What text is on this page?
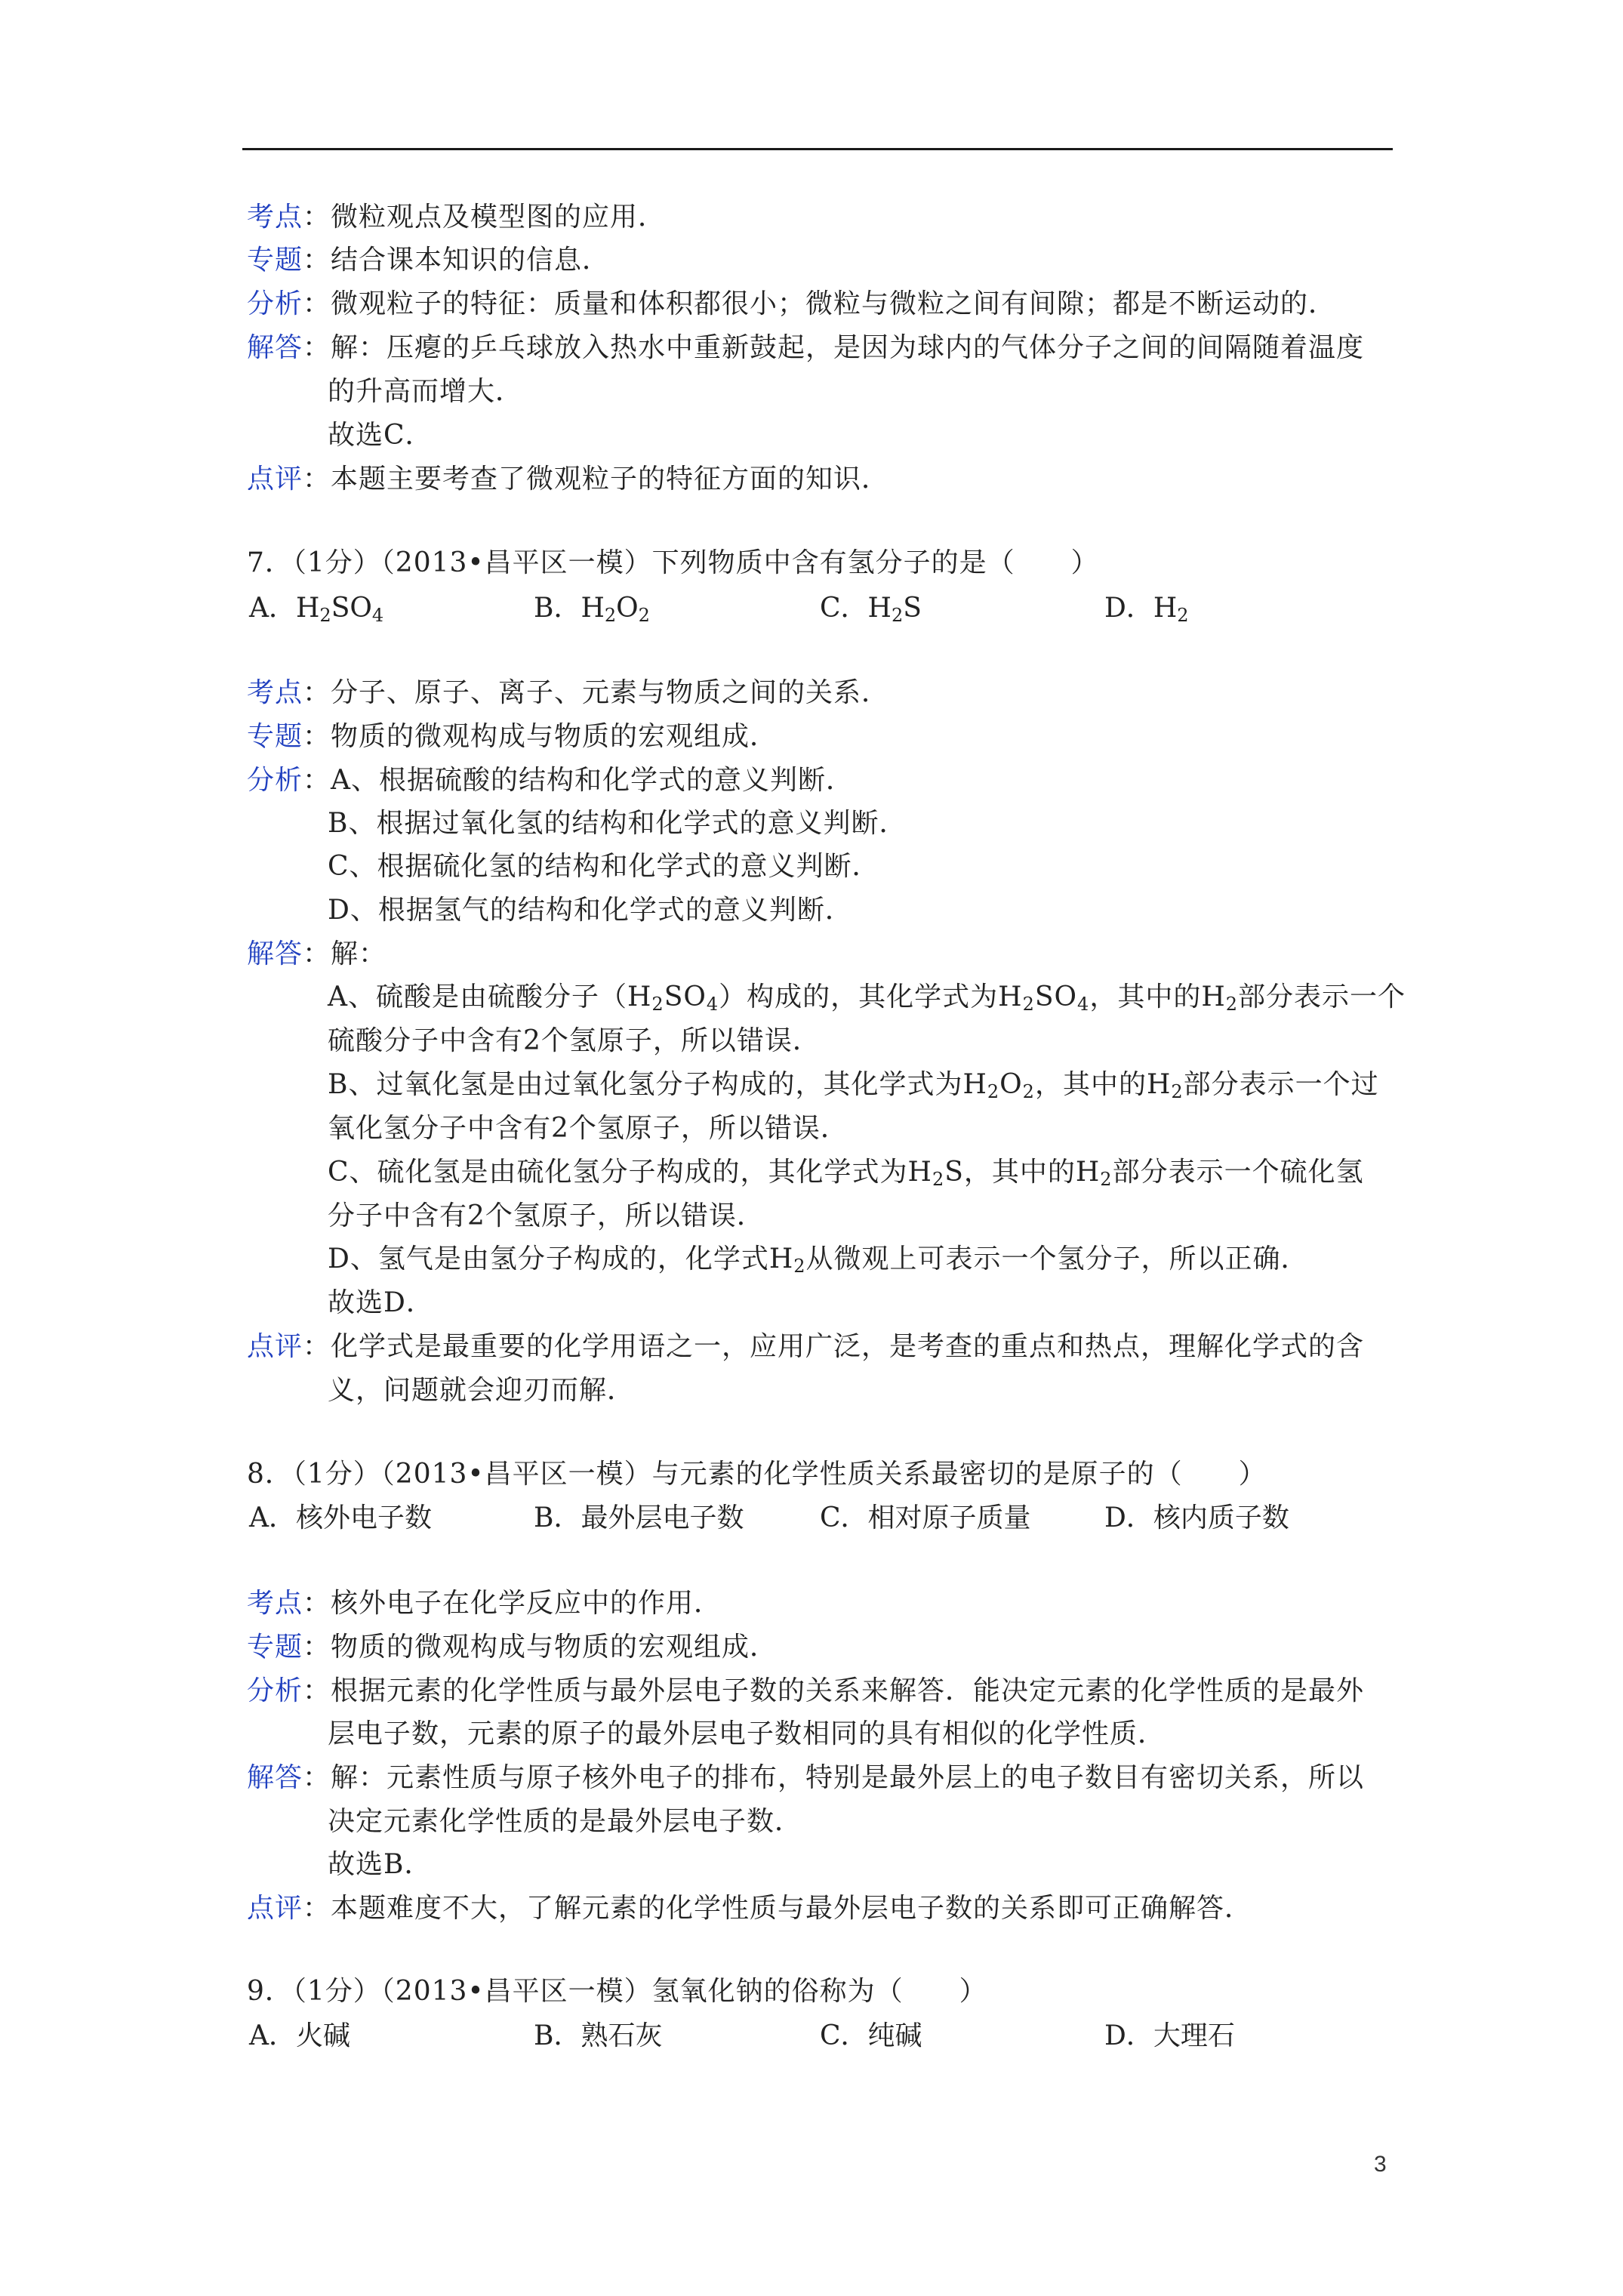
考点：微粒观点及模型图的应用．
专题：结合课本知识的信息．
分析：微观粒子的特征：质量和体积都很小；微粒与微粒之间有间隙；都是不断运动的．
解答：解：压瘪的乒乓球放入热水中重新鼓起，是因为球内的气体分子之间的间隔随着温度
的升高而增大．
故选C．
点评：本题主要考查了微观粒子的特征方面的知识．
7．（1分）（2013•昌平区一模）下列物质中含有氢分子的是（　　）
A．$H_2SO_4$	B．$H_2O_2$	C．$H_2S$	D．$H_2$
考点：分子、原子、离子、元素与物质之间的关系．
专题：物质的微观构成与物质的宏观组成．
分析：A、根据硫酸的结构和化学式的意义判断．
B、根据过氧化氢的结构和化学式的意义判断．
C、根据硫化氢的结构和化学式的意义判断．
D、根据氢气的结构和化学式的意义判断．
解答：解：
A、硫酸是由硫酸分子$(H_2SO_4)$构成的，其化学式为$H_2SO_4$，其中的$H_2$部分表示一个
硫酸分子中含有2个氢原子，所以错误．
B、过氧化氢是由过氧化氢分子构成的，其化学式为$H_2O_2$，其中的$H_2$部分表示一个过
氧化氢分子中含有2个氢原子，所以错误．
C、硫化氢是由硫化氢分子构成的，其化学式为$H_2S$，其中的$H_2$部分表示一个硫化氢
分子中含有2个氢原子，所以错误．
D、氢气是由氢分子构成的，化学式$H_2$从微观上可表示一个氢分子，所以正确．
故选D．
点评：化学式是最重要的化学用语之一，应用广泛，是考查的重点和热点，理解化学式的含
义，问题就会迎刃而解．
8．（1分）（2013•昌平区一模）与元素的化学性质关系最密切的是原子的（　　）
A．核外电子数	B．最外层电子数	C．相对原子质量	D．核内质子数
考点：核外电子在化学反应中的作用．
专题：物质的微观构成与物质的宏观组成．
分析：根据元素的化学性质与最外层电子数的关系来解答．能决定元素的化学性质的是最外
层电子数，元素的原子的最外层电子数相同的具有相似的化学性质．
解答：解：元素性质与原子核外电子的排布，特别是最外层上的电子数目有密切关系，所以
决定元素化学性质的是最外层电子数．
故选B．
点评：本题难度不大，了解元素的化学性质与最外层电子数的关系即可正确解答．
9．（1分）（2013•昌平区一模）氢氧化钠的俗称为（　　）
A．火碱	B．熟石灰	C．纯碱	D．大理石
3
